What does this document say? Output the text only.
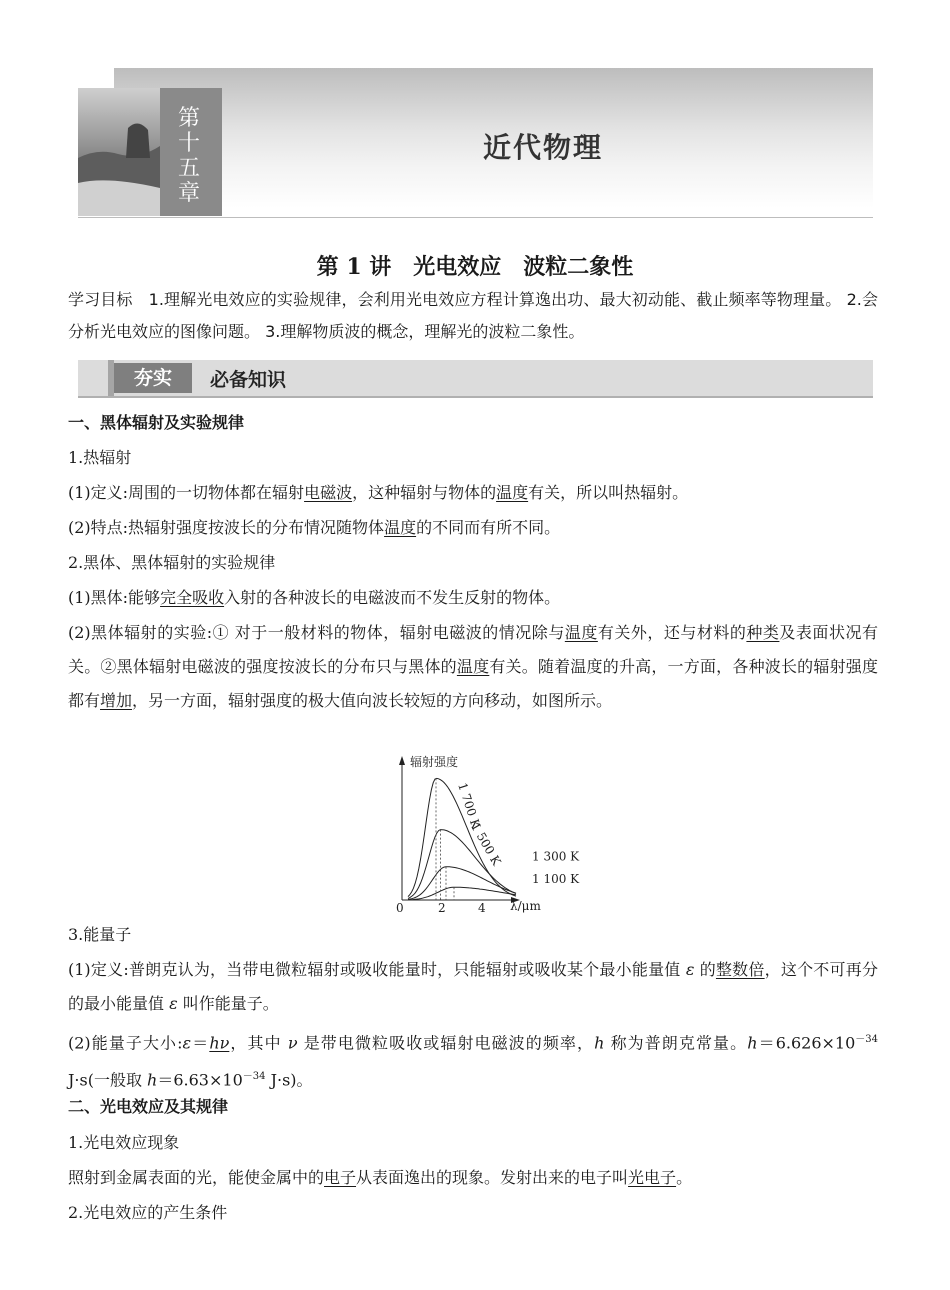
第十五章
近代物理
第 1 讲　光电效应　波粒二象性
学习目标　 1.理解光电效应的实验规律，会利用光电效应方程计算逸出功、最大初动能、截止频率等物理量。 2.会分析光电效应的图像问题。 3.理解物质波的概念，理解光的波粒二象性。
夯实	必备知识
一、黑体辐射及实验规律
1.热辐射
(1)定义:周围的一切物体都在辐射电磁波，这种辐射与物体的温度有关，所以叫热辐射。
(2)特点:热辐射强度按波长的分布情况随物体温度的不同而有所不同。
2.黑体、黑体辐射的实验规律
(1)黑体:能够完全吸收入射的各种波长的电磁波而不发生反射的物体。
(2)黑体辐射的实验:① 对于一般材料的物体，辐射电磁波的情况除与温度有关外，还与材料的种类及表面状况有关。②黑体辐射电磁波的强度按波长的分布只与黑体的温度有关。随着温度的升高，一方面，各种波长的辐射强度都有增加，另一方面，辐射强度的极大值向波长较短的方向移动，如图所示。
辐射强度
λ/μm
0	2	4
1 700 K
1 500 K 1 300 K
1 100 K
3.能量子
(1)定义:普朗克认为，当带电微粒辐射或吸收能量时，只能辐射或吸收某个最小能量值 ε 的整数倍，这个不可再分的最小能量值 ε 叫作能量子。
(2)能量子大小:ε＝hν，其中 ν 是带电微粒吸收或辐射电磁波的频率，h 称为普朗克常量。$h=6.626\times 10^{-34}$ J·s(一般取 $h=6.63\times 10^{-34}$ J·s)。
二、光电效应及其规律
1.光电效应现象
照射到金属表面的光，能使金属中的电子从表面逸出的现象。发射出来的电子叫光电子。
2.光电效应的产生条件
